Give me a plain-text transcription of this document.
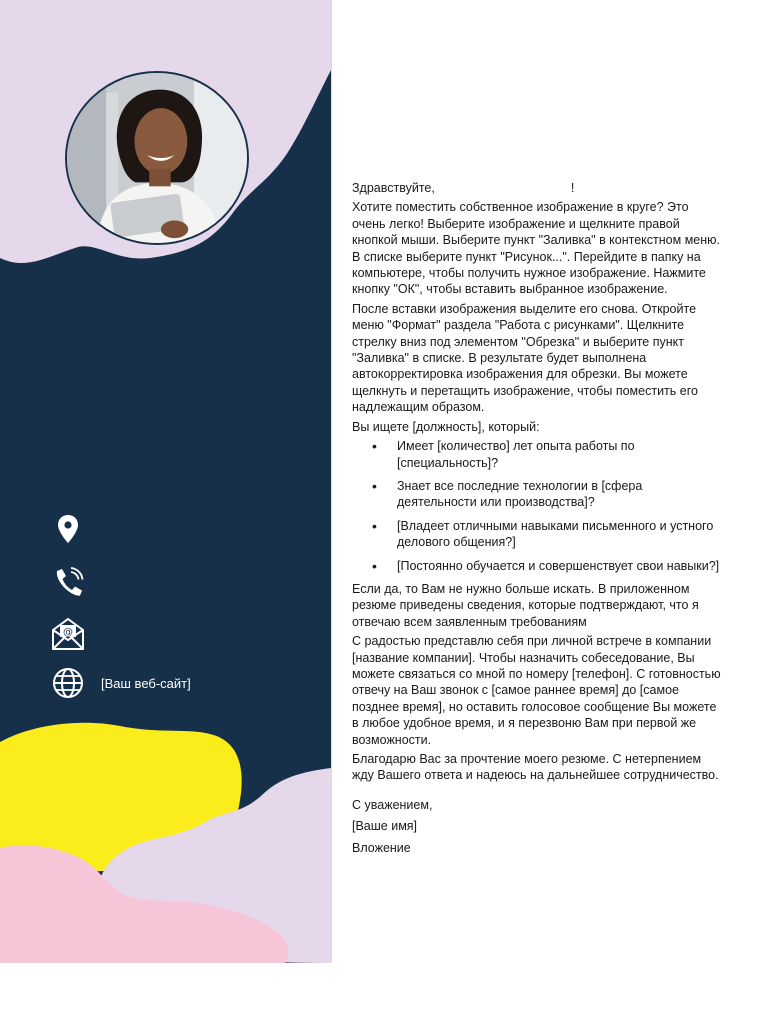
@
[Ваш веб-сайт]

Здравствуйте,	!

Хотите поместить собственное изображение в круге? Это очень легко! Выберите изображение и щелкните правой кнопкой мыши. Выберите пункт "Заливка" в контекстном меню. В списке выберите пункт "Рисунок...". Перейдите в папку на компьютере, чтобы получить нужное изображение. Нажмите кнопку "ОК", чтобы вставить выбранное изображение.

После вставки изображения выделите его снова. Откройте меню "Формат" раздела "Работа с рисунками". Щелкните стрелку вниз под элементом "Обрезка" и выберите пункт "Заливка" в списке. В результате будет выполнена автокорректировка изображения для обрезки. Вы можете щелкнуть и перетащить изображение, чтобы поместить его надлежащим образом.

Вы ищете [должность], который:

• Имеет [количество] лет опыта работы по [специальность]?
• Знает все последние технологии в [сфера деятельности или производства]?
• [Владеет отличными навыками письменного и устного делового общения?]
• [Постоянно обучается и совершенствует свои навыки?]

Если да, то Вам не нужно больше искать. В приложенном резюме приведены сведения, которые подтверждают, что я отвечаю всем заявленным требованиям

С радостью представлю себя при личной встрече в компании [название компании]. Чтобы назначить собеседование, Вы можете связаться со мной по номеру [телефон]. С готовностью отвечу на Ваш звонок с [самое раннее время] до [самое позднее время], но оставить голосовое сообщение Вы можете в любое удобное время, и я перезвоню Вам при первой же возможности.

Благодарю Вас за прочтение моего резюме. С нетерпением жду Вашего ответа и надеюсь на дальнейшее сотрудничество.

С уважением,
[Ваше имя]
Вложение
